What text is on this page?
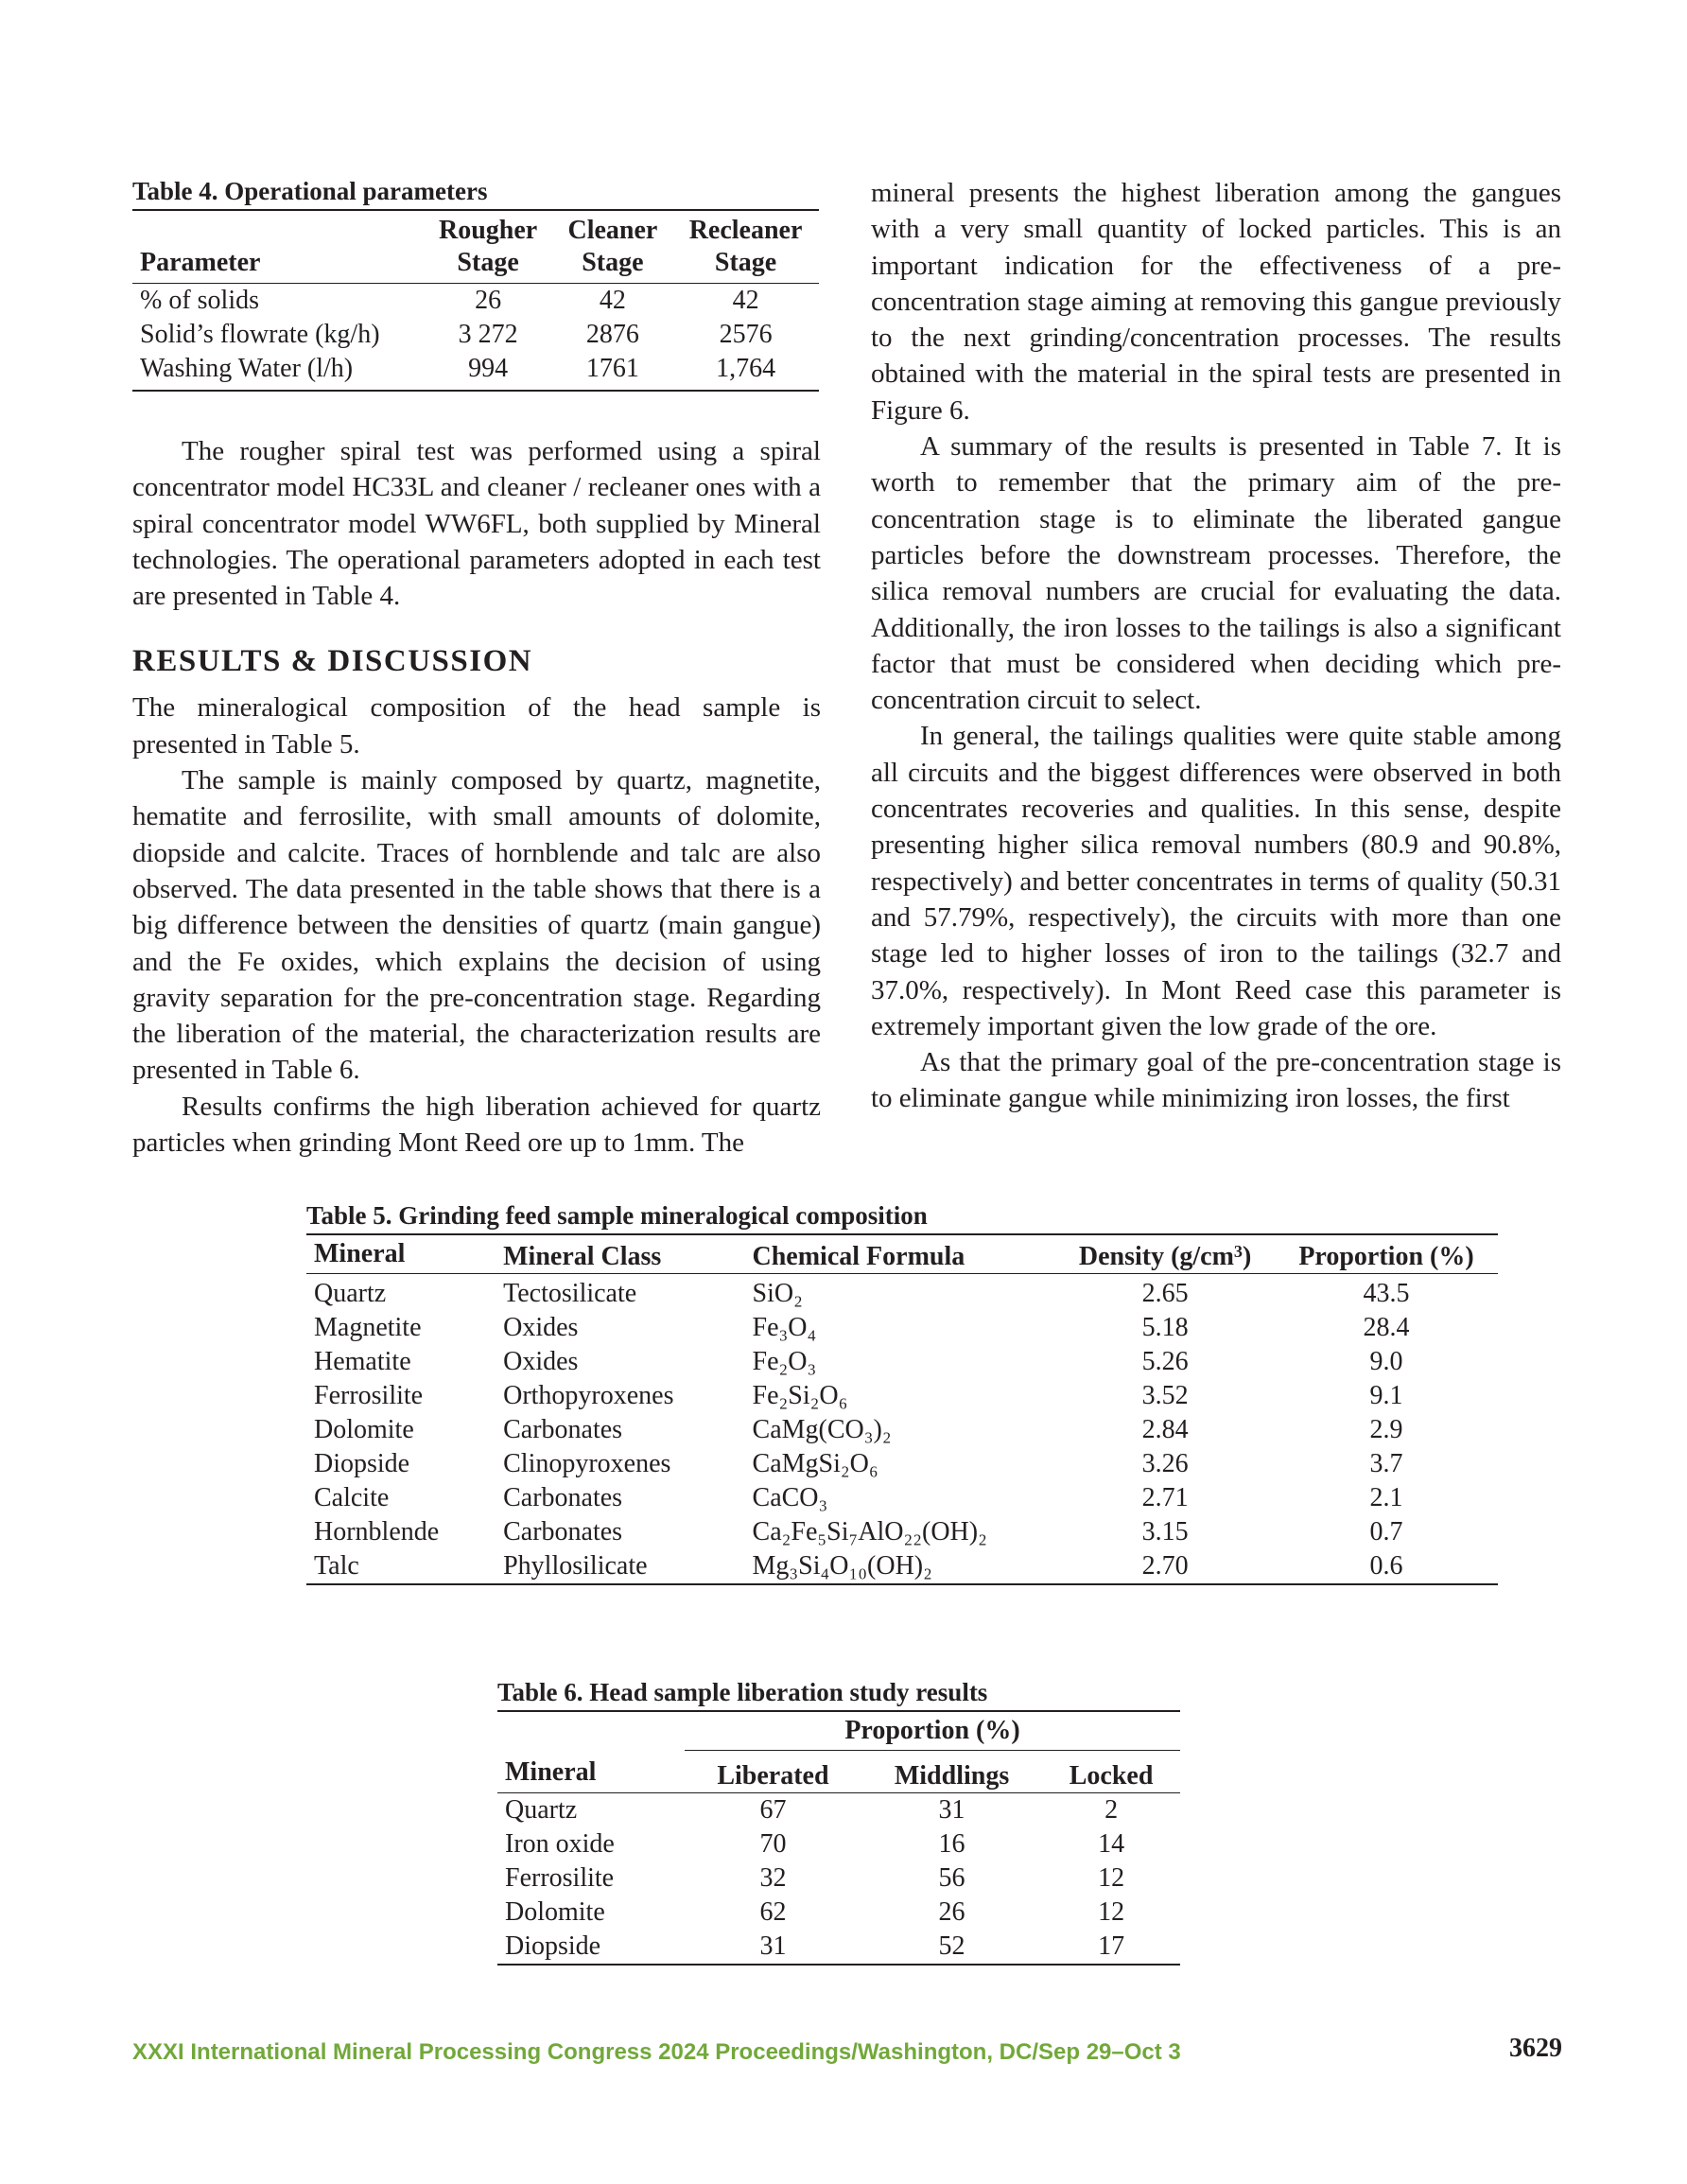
Table 4. Operational parameters
	Rougher	Cleaner	Recleaner
Parameter	Stage	Stage	Stage
% of solids	26	42	42
Solid’s flowrate (kg/h)	3 272	2876	2576
Washing Water (l/h)	994	1761	1,764

The rougher spiral test was performed using a spiral concentrator model HC33L and cleaner / recleaner ones with a spiral concentrator model WW6FL, both supplied by Mineral technologies. The operational parameters adopted in each test are presented in Table 4.

RESULTS & DISCUSSION

The mineralogical composition of the head sample is presented in Table 5.

The sample is mainly composed by quartz, magnetite, hematite and ferrosilite, with small amounts of dolomite, diopside and calcite. Traces of hornblende and talc are also observed. The data presented in the table shows that there is a big difference between the densities of quartz (main gangue) and the Fe oxides, which explains the decision of using gravity separation for the pre-concentration stage. Regarding the liberation of the material, the characterization results are presented in Table 6.

Results confirms the high liberation achieved for quartz particles when grinding Mont Reed ore up to 1mm. The

mineral presents the highest liberation among the gangues with a very small quantity of locked particles. This is an important indication for the effectiveness of a pre-concentration stage aiming at removing this gangue previously to the next grinding/concentration processes. The results obtained with the material in the spiral tests are presented in Figure 6.

A summary of the results is presented in Table 7. It is worth to remember that the primary aim of the pre-concentration stage is to eliminate the liberated gangue particles before the downstream processes. Therefore, the silica removal numbers are crucial for evaluating the data. Additionally, the iron losses to the tailings is also a significant factor that must be considered when deciding which pre-concentration circuit to select.

In general, the tailings qualities were quite stable among all circuits and the biggest differences were observed in both concentrates recoveries and qualities. In this sense, despite presenting higher silica removal numbers (80.9 and 90.8%, respectively) and better concentrates in terms of quality (50.31 and 57.79%, respectively), the circuits with more than one stage led to higher losses of iron to the tailings (32.7 and 37.0%, respectively). In Mont Reed case this parameter is extremely important given the low grade of the ore.

As that the primary goal of the pre-concentration stage is to eliminate gangue while minimizing iron losses, the first

Table 5. Grinding feed sample mineralogical composition
Mineral	Mineral Class	Chemical Formula	Density $(g/cm^3)$	Proportion (%)
Quartz	Tectosilicate	SiO₂	2.65	43.5
Magnetite	Oxides	Fe₃O₄	5.18	28.4
Hematite	Oxides	Fe₂O₃	5.26	9.0
Ferrosilite	Orthopyroxenes	Fe₂Si₂O₆	3.52	9.1
Dolomite	Carbonates	CaMg(CO₃)₂	2.84	2.9
Diopside	Clinopyroxenes	CaMgSi₂O₆	3.26	3.7
Calcite	Carbonates	CaCO₃	2.71	2.1
Hornblende	Carbonates	Ca₂Fe₅Si₇AlO₂₂(OH)₂	3.15	0.7
Talc	Phyllosilicate	Mg₃Si₄O₁₀(OH)₂	2.70	0.6
Table 6. Head sample liberation study results
	Proportion (%)		
Mineral	Liberated	Middlings	Locked
Quartz	67	31	2
Iron oxide	70	16	14
Ferrosilite	32	56	12
Dolomite	62	26	12
Diopside	31	52	17
XXXI International Mineral Processing Congress 2024 Proceedings/Washington, DC/Sep 29–Oct 3	3629
